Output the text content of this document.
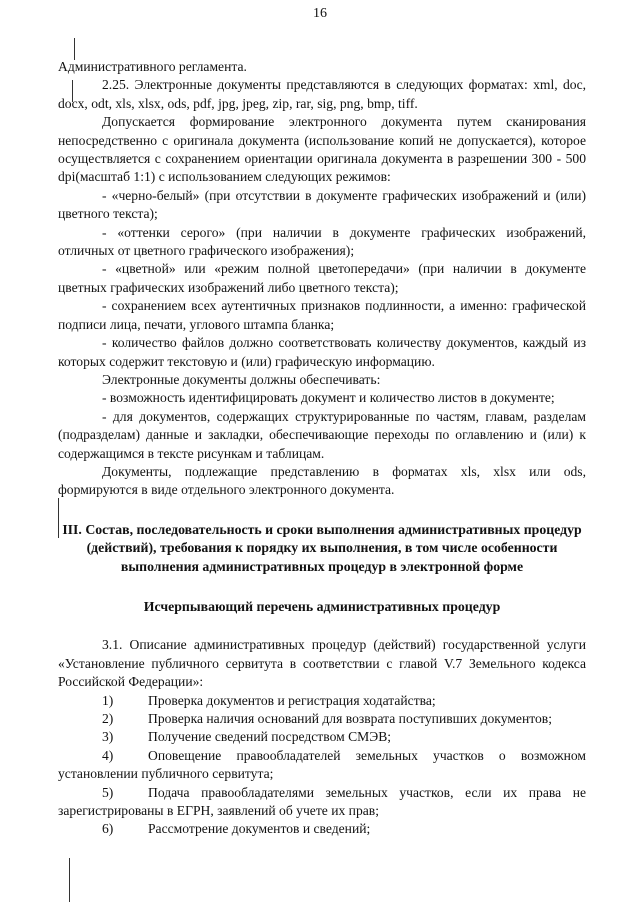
16

Административного регламента.

2.25. Электронные документы представляются в следующих форматах: xml, doc, docx, odt, xls, xlsx, ods, pdf, jpg, jpeg, zip, rar, sig, png, bmp, tiff.

Допускается формирование электронного документа путем сканирования непосредственно с оригинала документа (использование копий не допускается), которое осуществляется с сохранением ориентации оригинала документа в разрешении 300 - 500 dpi(масштаб 1:1) с использованием следующих режимов:

- «черно-белый» (при отсутствии в документе графических изображений и (или) цветного текста);

- «оттенки серого» (при наличии в документе графических изображений, отличных от цветного графического изображения);

- «цветной» или «режим полной цветопередачи» (при наличии в документе цветных графических изображений либо цветного текста);

- сохранением всех аутентичных признаков подлинности, а именно: графической подписи лица, печати, углового штампа бланка;

- количество файлов должно соответствовать количеству документов, каждый из которых содержит текстовую и (или) графическую информацию.

Электронные документы должны обеспечивать:

- возможность идентифицировать документ и количество листов в документе;

- для документов, содержащих структурированные по частям, главам, разделам (подразделам) данные и закладки, обеспечивающие переходы по оглавлению и (или) к содержащимся в тексте рисункам и таблицам.

Документы, подлежащие представлению в форматах xls, xlsx или ods, формируются в виде отдельного электронного документа.

III. Состав, последовательность и сроки выполнения административных процедур (действий), требования к порядку их выполнения, в том числе особенности выполнения административных процедур в электронной форме

Исчерпывающий перечень административных процедур

3.1. Описание административных процедур (действий) государственной услуги «Установление публичного сервитута в соответствии с главой V.7 Земельного кодекса Российской Федерации»:

1)	Проверка документов и регистрация ходатайства;

2)	Проверка наличия оснований для возврата поступивших документов;

3)	Получение сведений посредством СМЭВ;

4)	Оповещение правообладателей земельных участков о возможном установлении публичного сервитута;

5)	Подача правообладателями земельных участков, если их права не зарегистрированы в ЕГРН, заявлений об учете их прав;

6)	Рассмотрение документов и сведений;
